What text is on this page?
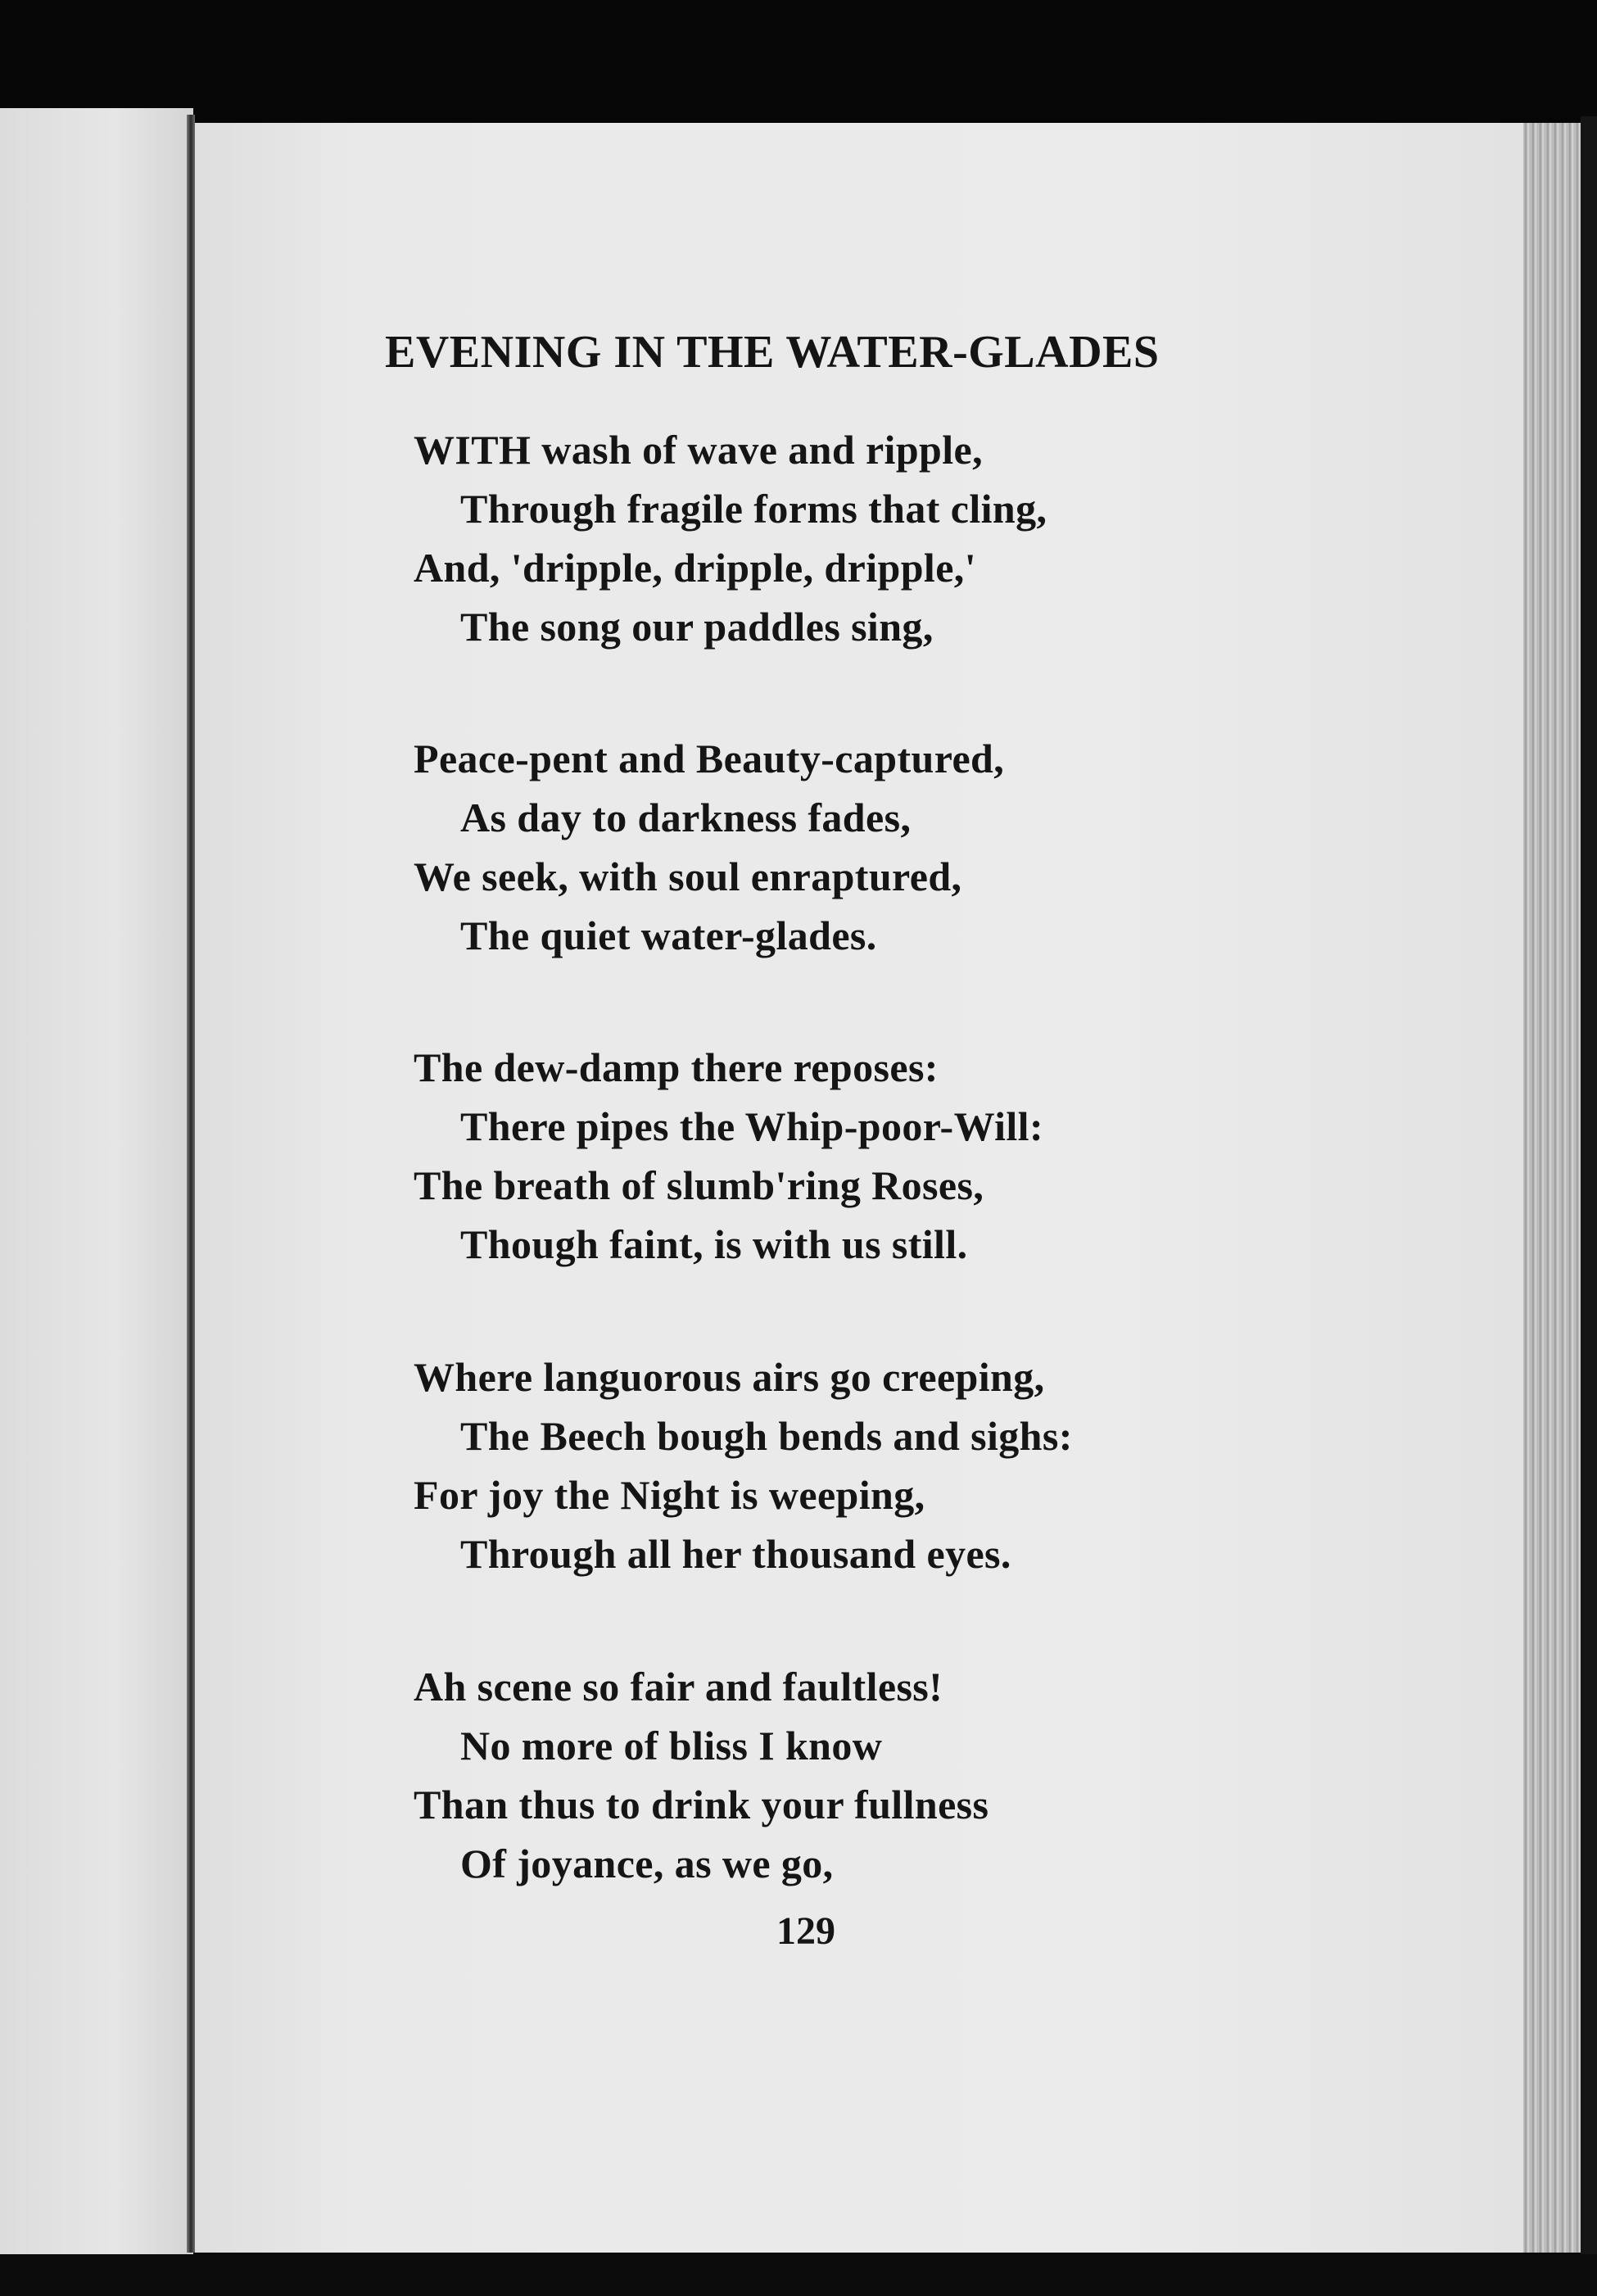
EVENING IN THE WATER-GLADES

WITH wash of wave and ripple,

Through fragile forms that cling,

And, 'dripple, dripple, dripple,'

The song our paddles sing,

Peace-pent and Beauty-captured,

As day to darkness fades,

We seek, with soul enraptured,

The quiet water-glades.

The dew-damp there reposes:

There pipes the Whip-poor-Will:

The breath of slumb'ring Roses,

Though faint, is with us still.

Where languorous airs go creeping,

The Beech bough bends and sighs:

For joy the Night is weeping,

Through all her thousand eyes.

Ah scene so fair and faultless!

No more of bliss I know

Than thus to drink your fullness

Of joyance, as we go,

129
